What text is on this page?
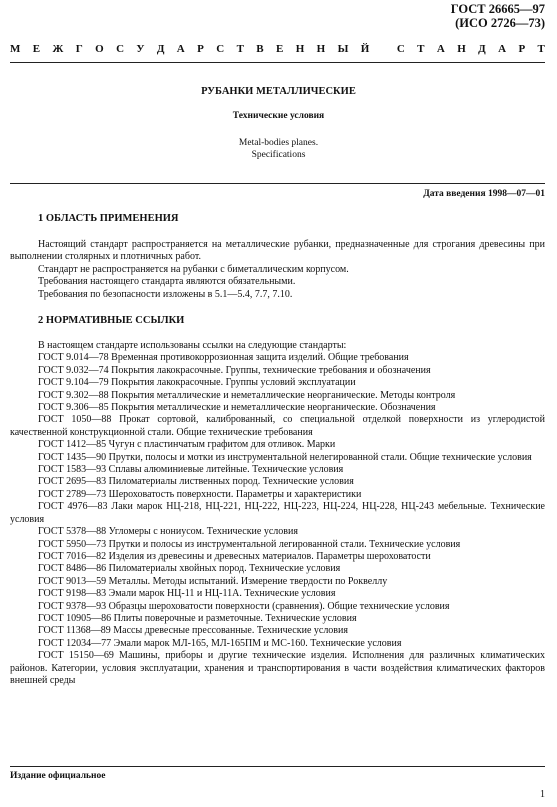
ГОСТ 26665—97
(ИСО 2726—73)
М Е Ж Г О С У Д А Р С Т В Е Н Н Ы Й
	С Т А Н Д А Р Т
РУБАНКИ МЕТАЛЛИЧЕСКИЕ
Технические условия
Metal-bodies planes.
Specifications
Дата введения 1998—07—01
1 ОБЛАСТЬ ПРИМЕНЕНИЯ

Настоящий стандарт распространяется на металлические рубанки, предназначенные для строгания древесины при выполнении столярных и плотничных работ.

Стандарт не распространяется на рубанки с биметаллическим корпусом.

Требования настоящего стандарта являются обязательными.

Требования по безопасности изложены в 5.1—5.4, 7.7, 7.10.

2 НОРМАТИВНЫЕ ССЫЛКИ

В настоящем стандарте использованы ссылки на следующие стандарты:

ГОСТ 9.014—78 Временная противокоррозионная защита изделий. Общие требования

ГОСТ 9.032—74 Покрытия лакокрасочные. Группы, технические требования и обозначения

ГОСТ 9.104—79 Покрытия лакокрасочные. Группы условий эксплуатации

ГОСТ 9.302—88 Покрытия металлические и неметаллические неорганические. Методы контроля

ГОСТ 9.306—85 Покрытия металлические и неметаллические неорганические. Обозначения

ГОСТ 1050—88 Прокат сортовой, калиброванный, со специальной отделкой поверхности из углеродистой качественной конструкционной стали. Общие технические требования

ГОСТ 1412—85 Чугун с пластинчатым графитом для отливок. Марки

ГОСТ 1435—90 Прутки, полосы и мотки из инструментальной нелегированной стали. Общие технические условия

ГОСТ 1583—93 Сплавы алюминиевые литейные. Технические условия

ГОСТ 2695—83 Пиломатериалы лиственных пород. Технические условия

ГОСТ 2789—73 Шероховатость поверхности. Параметры и характеристики

ГОСТ 4976—83 Лаки марок НЦ-218, НЦ-221, НЦ-222, НЦ-223, НЦ-224, НЦ-228, НЦ-243 мебельные. Технические условия

ГОСТ 5378—88 Угломеры с нониусом. Технические условия

ГОСТ 5950—73 Прутки и полосы из инструментальной легированной стали. Технические условия

ГОСТ 7016—82 Изделия из древесины и древесных материалов. Параметры шероховатости

ГОСТ 8486—86 Пиломатериалы хвойных пород. Технические условия

ГОСТ 9013—59 Металлы. Методы испытаний. Измерение твердости по Роквеллу

ГОСТ 9198—83 Эмали марок НЦ-11 и НЦ-11А. Технические условия

ГОСТ 9378—93 Образцы шероховатости поверхности (сравнения). Общие технические условия

ГОСТ 10905—86 Плиты поверочные и разметочные. Технические условия

ГОСТ 11368—89 Массы древесные прессованные. Технические условия

ГОСТ 12034—77 Эмали марок МЛ-165, МЛ-165ПМ и МС-160. Технические условия

ГОСТ 15150—69 Машины, приборы и другие технические изделия. Исполнения для различных климатических районов. Категории, условия эксплуатации, хранения и транспортирования в части воздействия климатических факторов внешней среды

Издание официальное
1
